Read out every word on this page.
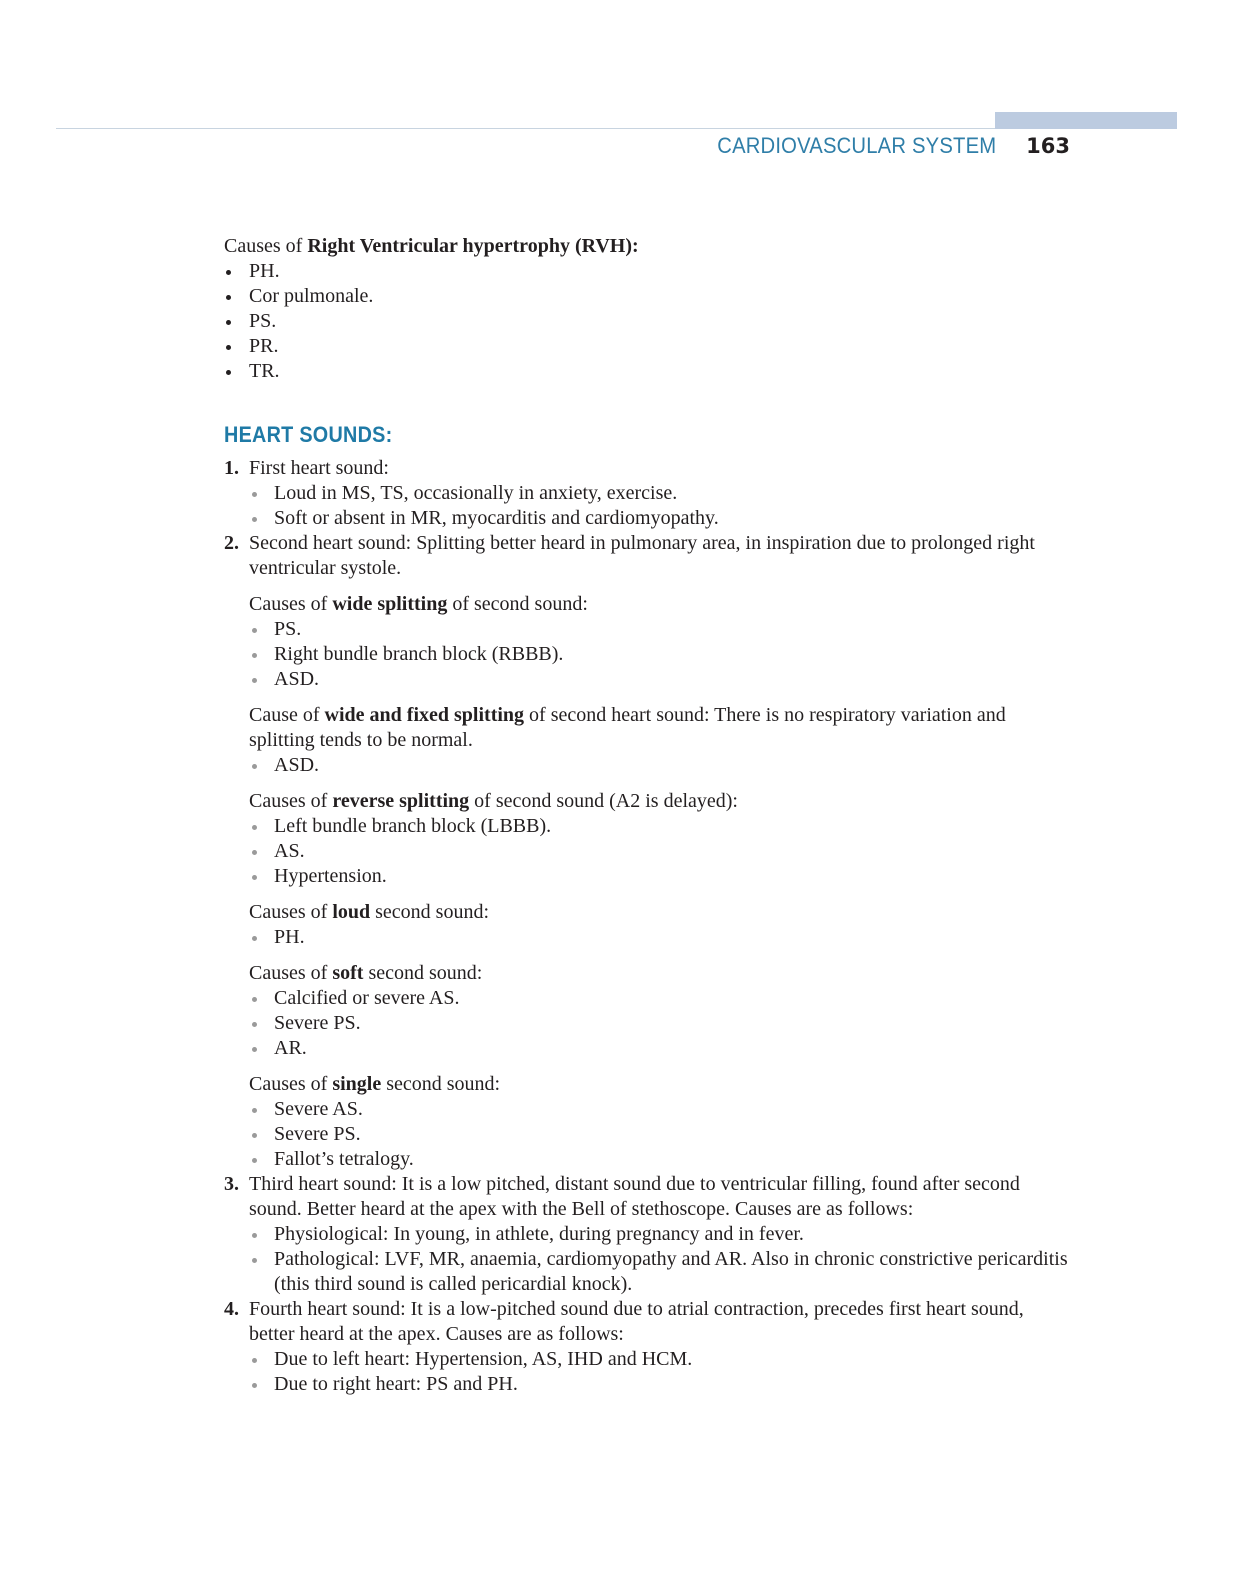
CARDIOVASCULAR SYSTEM 163

Causes of Right Ventricular hypertrophy (RVH):

PH.
Cor pulmonale.
PS.
PR.
TR.
HEART SOUNDS:
1. First heart sound:
Loud in MS, TS, occasionally in anxiety, exercise.
Soft or absent in MR, myocarditis and cardiomyopathy.
2. Second heart sound: Splitting better heard in pulmonary area, in inspiration due to prolonged right ventricular systole.

Causes of wide splitting of second sound:

PS.
Right bundle branch block (RBBB).
ASD.

Cause of wide and fixed splitting of second heart sound: There is no respiratory variation and splitting tends to be normal.

ASD.

Causes of reverse splitting of second sound (A2 is delayed):

Left bundle branch block (LBBB).
AS.
Hypertension.

Causes of loud second sound:

PH.

Causes of soft second sound:

Calcified or severe AS.
Severe PS.
AR.

Causes of single second sound:

Severe AS.
Severe PS.
Fallot’s tetralogy.
3. Third heart sound: It is a low pitched, distant sound due to ventricular filling, found after second sound. Better heard at the apex with the Bell of stethoscope. Causes are as follows:
Physiological: In young, in athlete, during pregnancy and in fever.
Pathological: LVF, MR, anaemia, cardiomyopathy and AR. Also in chronic constrictive pericarditis (this third sound is called pericardial knock).
4. Fourth heart sound: It is a low-pitched sound due to atrial contraction, precedes first heart sound, better heard at the apex. Causes are as follows:
Due to left heart: Hypertension, AS, IHD and HCM.
Due to right heart: PS and PH.
